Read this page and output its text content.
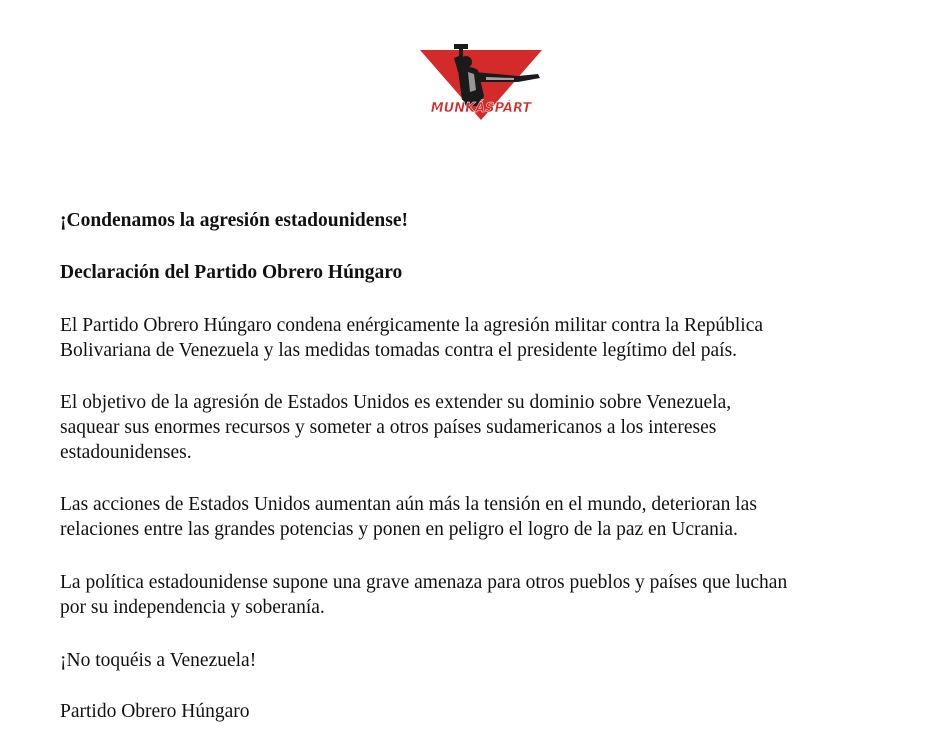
MUNKÁSPÁRT

¡Condenamos la agresión estadounidense!

Declaración del Partido Obrero Húngaro

El Partido Obrero Húngaro condena enérgicamente la agresión militar contra la República
Bolivariana de Venezuela y las medidas tomadas contra el presidente legítimo del país.

El objetivo de la agresión de Estados Unidos es extender su dominio sobre Venezuela,
saquear sus enormes recursos y someter a otros países sudamericanos a los intereses
estadounidenses.

Las acciones de Estados Unidos aumentan aún más la tensión en el mundo, deterioran las
relaciones entre las grandes potencias y ponen en peligro el logro de la paz en Ucrania.

La política estadounidense supone una grave amenaza para otros pueblos y países que luchan
por su independencia y soberanía.

¡No toquéis a Venezuela!

Partido Obrero Húngaro
